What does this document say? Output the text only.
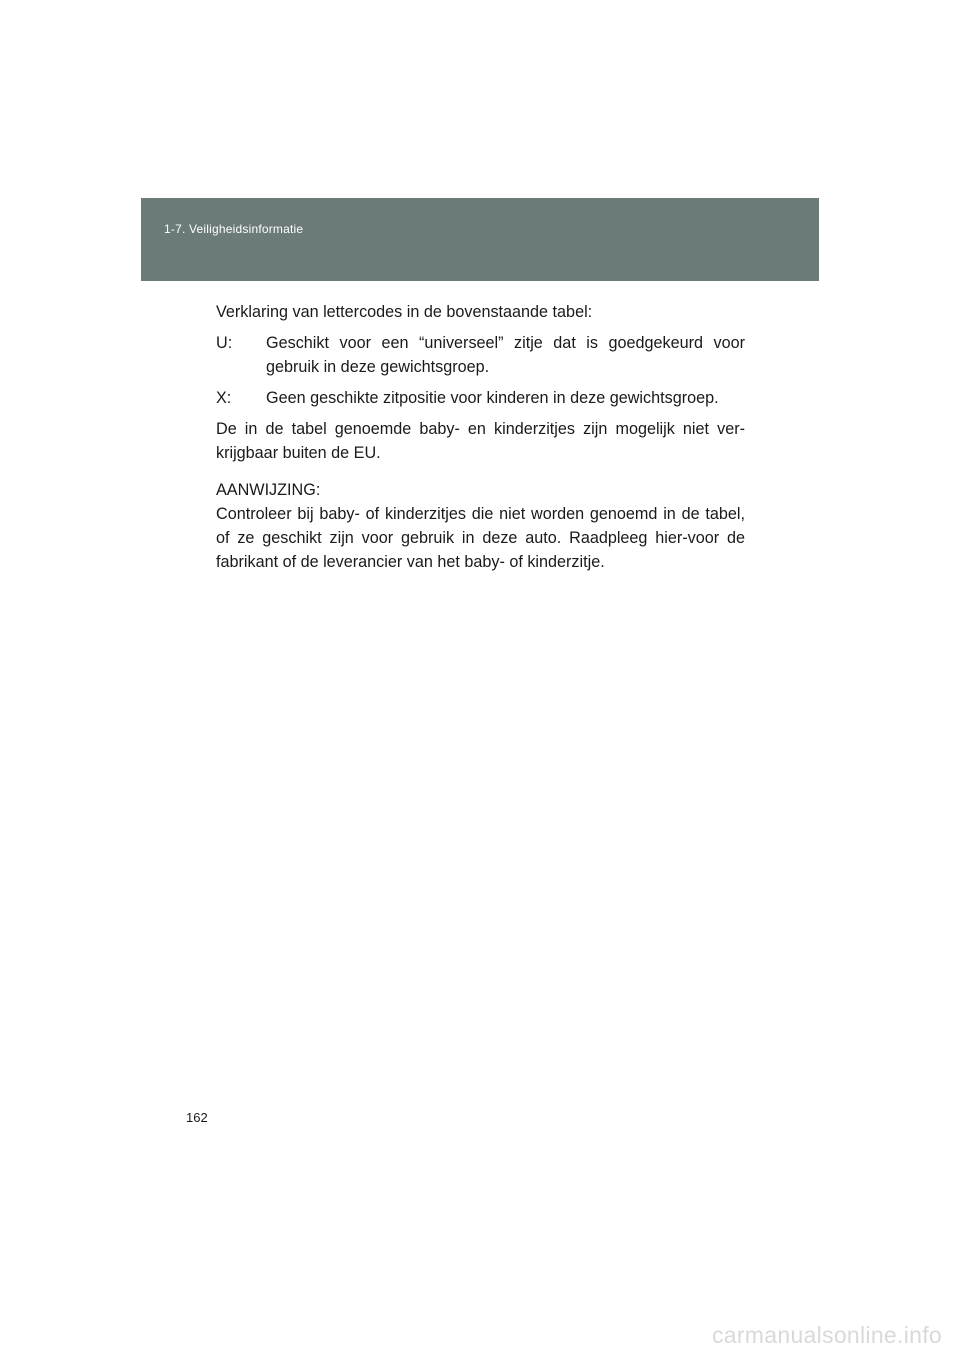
1-7. Veiligheidsinformatie

Verklaring van lettercodes in de bovenstaande tabel:

U:	Geschikt voor een “universeel” zitje dat is goedgekeurd voor gebruik in deze gewichtsgroep.
X:	Geen geschikte zitpositie voor kinderen in deze gewichtsgroep.

De in de tabel genoemde baby- en kinderzitjes zijn mogelijk niet ver-krijgbaar buiten de EU.

AANWIJZING:

Controleer bij baby- of kinderzitjes die niet worden genoemd in de tabel, of ze geschikt zijn voor gebruik in deze auto. Raadpleeg hier-voor de fabrikant of de leverancier van het baby- of kinderzitje.

162
carmanualsonline.info
